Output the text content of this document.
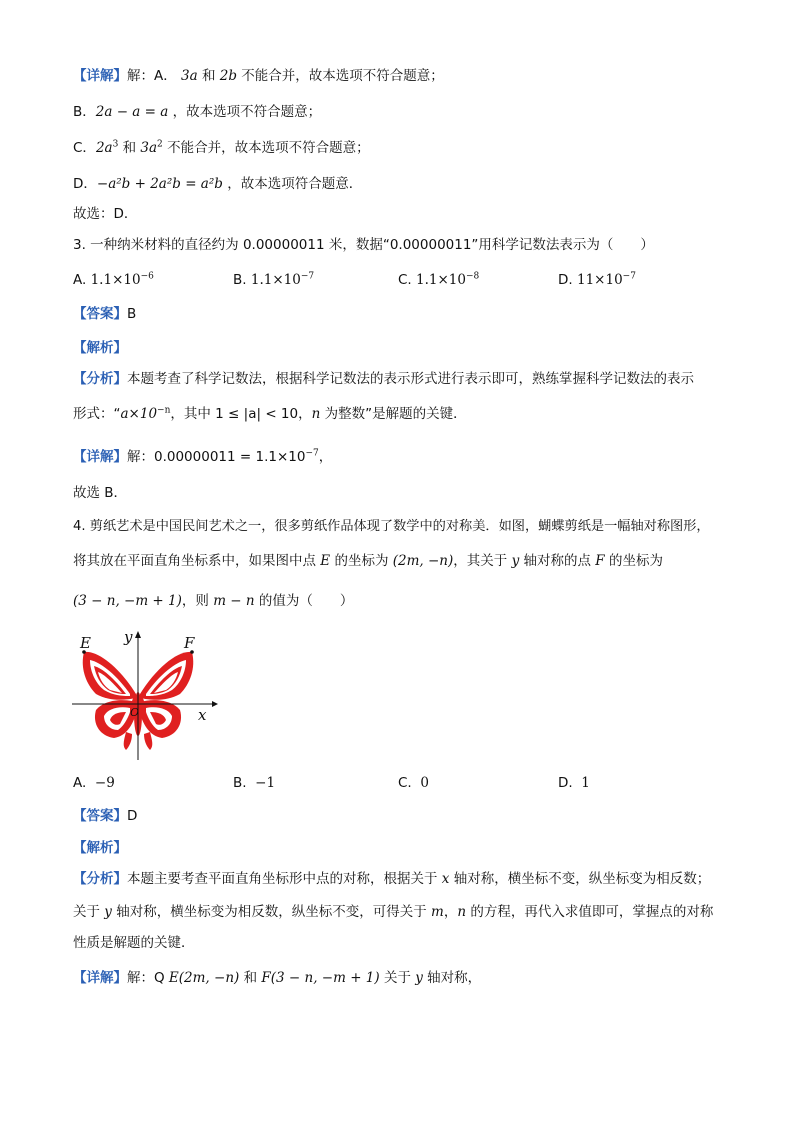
【详解】解：A． 3a 和 2b 不能合并，故本选项不符合题意；
B．2a − a = a ，故本选项不符合题意；
C．$2a^3$ 和 $3a^2$ 不能合并，故本选项不符合题意；
D．−a²b + 2a²b = a²b ，故本选项符合题意．
故选：D．
3. 一种纳米材料的直径约为 0.00000011 米，数据“0.00000011”用科学记数法表示为（　　）
A. $1.1\times 10^{-6}$	B. $1.1\times 10^{-7}$	C. $1.1\times 10^{-8}$	D. $11\times 10^{-7}$
【答案】B
【解析】
【分析】本题考查了科学记数法，根据科学记数法的表示形式进行表示即可，熟练掌握科学记数法的表示
形式：“$a\times 10^{-n}$，其中 1 ≤ |a| < 10，n 为整数”是解题的关键．
【详解】解：$0.00000011 = 1.1\times 10^{-7}$，
故选 B．
4. 剪纸艺术是中国民间艺术之一，很多剪纸作品体现了数学中的对称美．如图，蝴蝶剪纸是一幅轴对称图形，
将其放在平面直角坐标系中，如果图中点 E 的坐标为 (2m, −n)，其关于 y 轴对称的点 F 的坐标为
(3 − n, −m + 1)，则 m − n 的值为（　　）
E	F
y
x
O
A. −9	B. −1	C. 0	D. 1
【答案】D
【解析】
【分析】本题主要考查平面直角坐标形中点的对称，根据关于 x 轴对称，横坐标不变，纵坐标变为相反数；
关于 y 轴对称，横坐标变为相反数，纵坐标不变，可得关于 m，n 的方程，再代入求值即可，掌握点的对称
性质是解题的关键．
【详解】解：Q E(2m, −n) 和 F(3 − n, −m + 1) 关于 y 轴对称，
